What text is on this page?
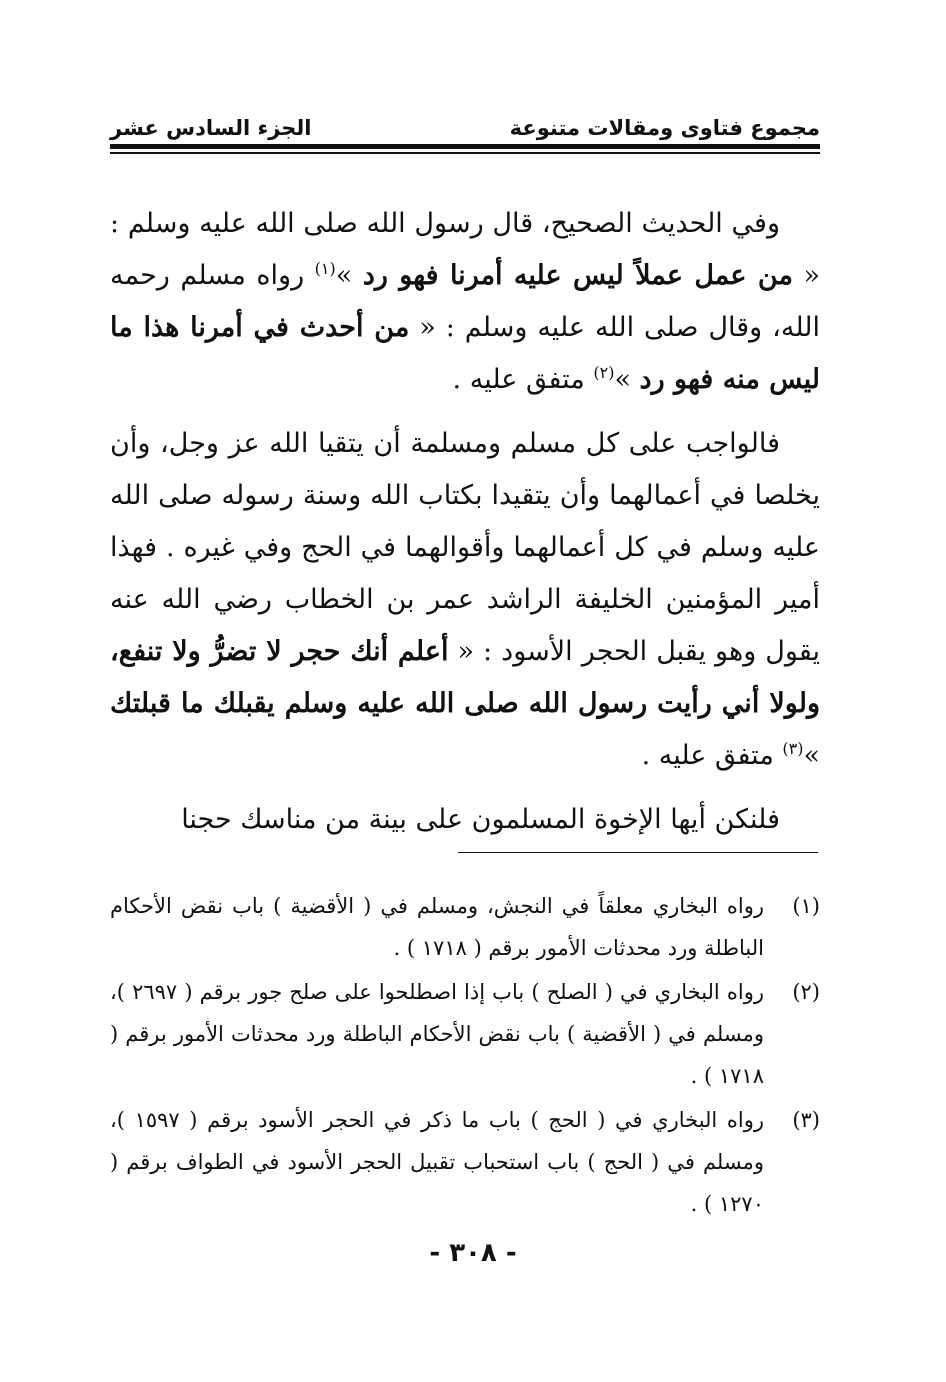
مجموع فتاوى ومقالات متنوعة
الجزء السادس عشر

وفي الحديث الصحيح، قال رسول الله صلى الله عليه وسلم : « من عمل عملاً ليس عليه أمرنا فهو رد »$^{(١)}$ رواه مسلم رحمه الله، وقال صلى الله عليه وسلم : « من أحدث في أمرنا هذا ما ليس منه فهو رد »$^{(٢)}$ متفق عليه .

فالواجب على كل مسلم ومسلمة أن يتقيا الله عز وجل، وأن يخلصا في أعمالهما وأن يتقيدا بكتاب الله وسنة رسوله صلى الله عليه وسلم في كل أعمالهما وأقوالهما في الحج وفي غيره . فهذا أمير المؤمنين الخليفة الراشد عمر بن الخطاب رضي الله عنه يقول وهو يقبل الحجر الأسود : « أعلم أنك حجر لا تضرُّ ولا تنفع، ولولا أني رأيت رسول الله صلى الله عليه وسلم يقبلك ما قبلتك »$^{(٣)}$ متفق عليه .

فلنكن أيها الإخوة المسلمون على بينة من مناسك حجنا

(١)
رواه البخاري معلقاً في النجش، ومسلم في ( الأقضية ) باب نقض الأحكام الباطلة ورد محدثات الأمور برقم ( ١٧١٨ ) .
(٢)
رواه البخاري في ( الصلح ) باب إذا اصطلحوا على صلح جور برقم ( ٢٦٩٧ )، ومسلم في ( الأقضية ) باب نقض الأحكام الباطلة ورد محدثات الأمور برقم ( ١٧١٨ ) .
(٣)
رواه البخاري في ( الحج ) باب ما ذكر في الحجر الأسود برقم ( ١٥٩٧ )، ومسلم في ( الحج ) باب استحباب تقبيل الحجر الأسود في الطواف برقم ( ١٢٧٠ ) .
- ٣٠٨ -
